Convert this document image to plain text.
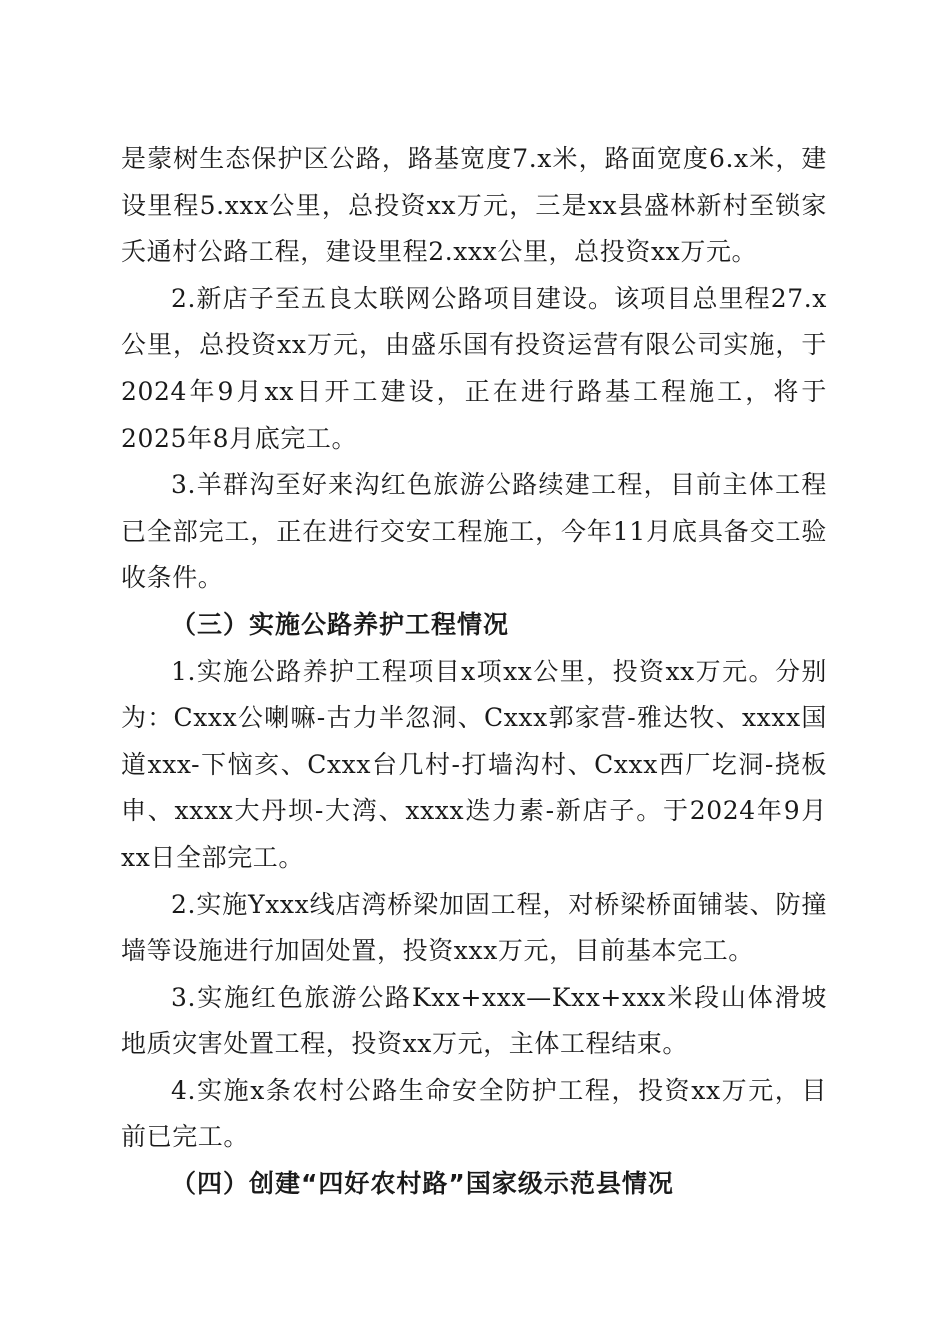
是蒙树生态保护区公路，路基宽度7.x米，路面宽度6.x米，建设里程5.xxx公里，总投资xx万元，三是xx县盛林新村至锁家夭通村公路工程，建设里程2.xxx公里，总投资xx万元。

2.新店子至五良太联网公路项目建设。该项目总里程27.x公里，总投资xx万元，由盛乐国有投资运营有限公司实施，于2024年9月xx日开工建设，正在进行路基工程施工，将于2025年8月底完工。

3.羊群沟至好来沟红色旅游公路续建工程，目前主体工程已全部完工，正在进行交安工程施工，今年11月底具备交工验收条件。

（三）实施公路养护工程情况

1.实施公路养护工程项目x项xx公里，投资xx万元。分别为：Cxxx公喇嘛-古力半忽洞、Cxxx郭家营-雅达牧、xxxx国道xxx-下恼亥、Cxxx台几村-打墙沟村、Cxxx西厂圪洞-挠板申、xxxx大丹坝-大湾、xxxx迭力素-新店子。于2024年9月xx日全部完工。

2.实施Yxxx线店湾桥梁加固工程，对桥梁桥面铺装、防撞墙等设施进行加固处置，投资xxx万元，目前基本完工。

3.实施红色旅游公路Kxx+xxx—Kxx+xxx米段山体滑坡地质灾害处置工程，投资xx万元，主体工程结束。

4.实施x条农村公路生命安全防护工程，投资xx万元，目前已完工。

（四）创建“四好农村路”国家级示范县情况
